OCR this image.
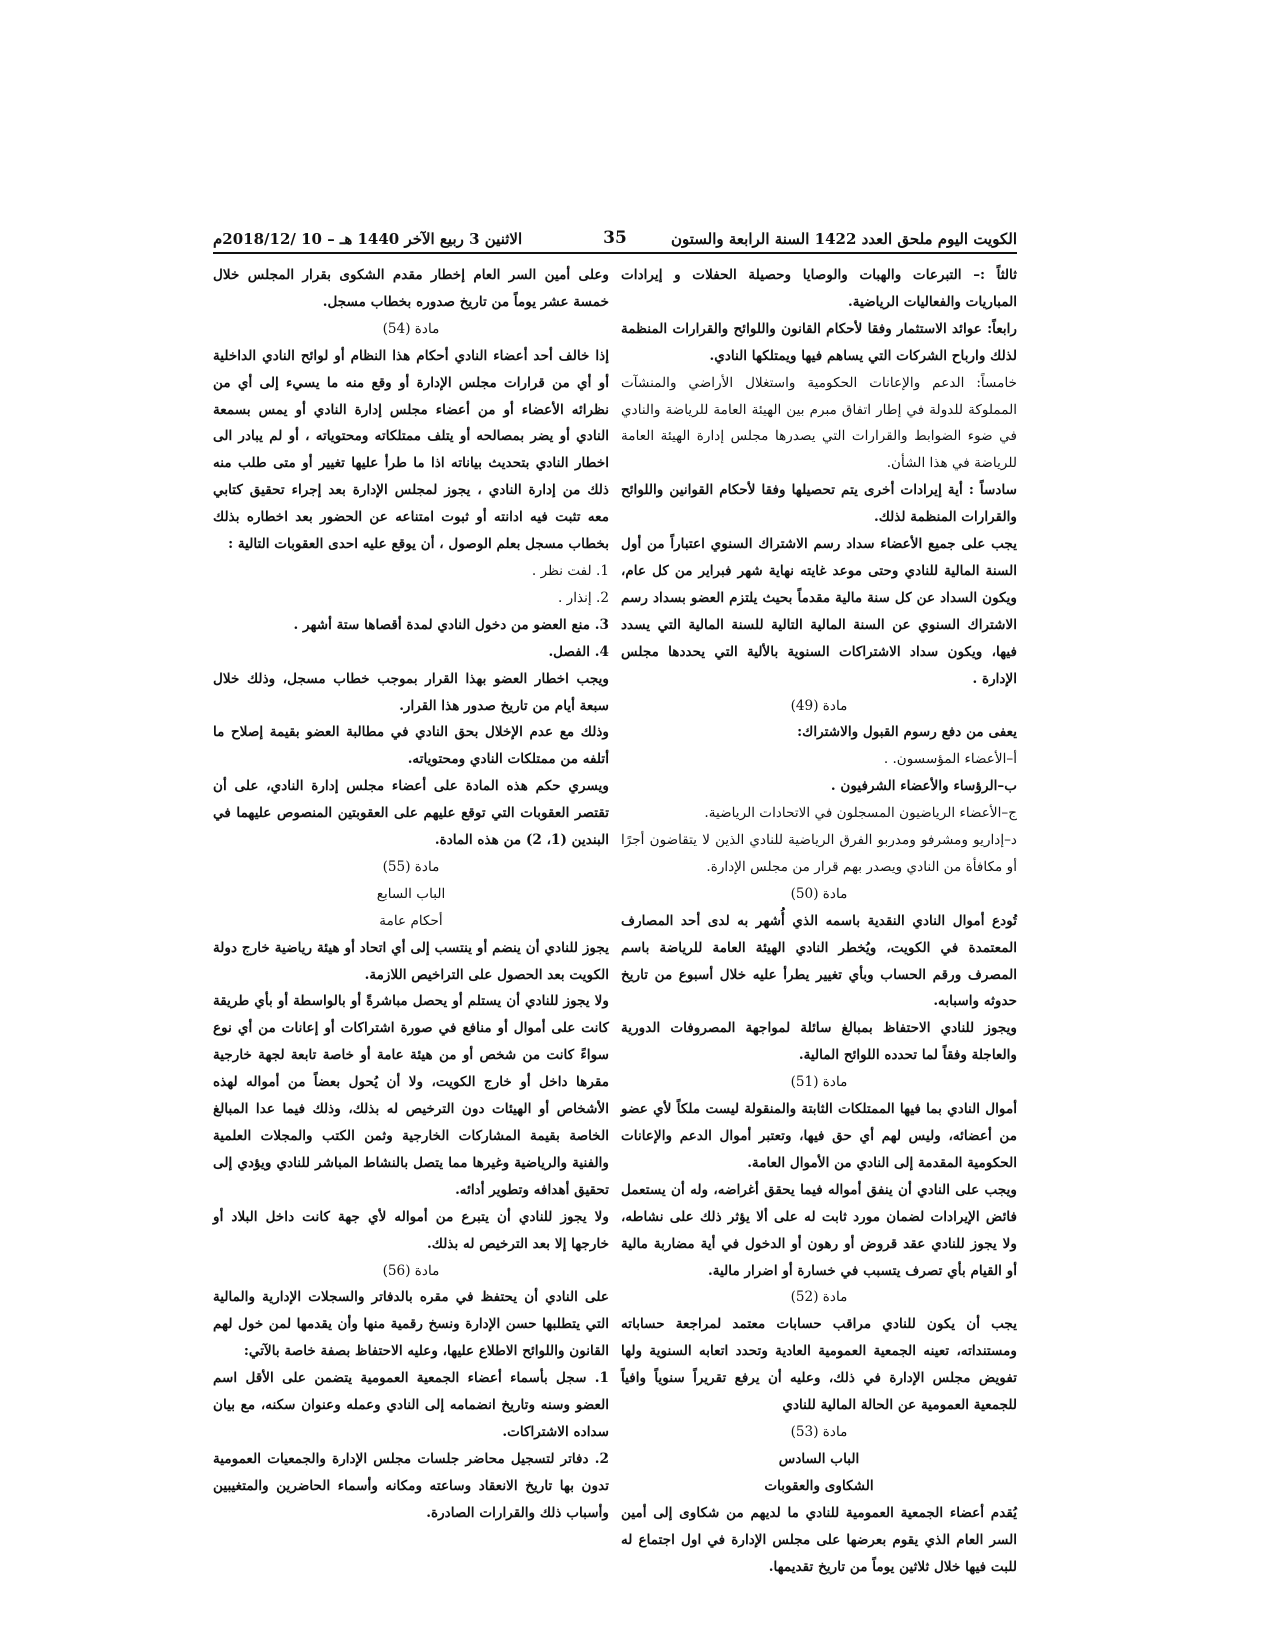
الكويت اليوم ملحق العدد 1422 السنة الرابعة والستون
35
الاثنين 3 ربيع الآخر 1440 هـ – 10 /2018/12م
ثالثاً :– التبرعات والهبات والوصايا وحصيلة الحفلات و إيرادات المباريات والفعاليات الرياضية.
رابعاً: عوائد الاستثمار وفقا لأحكام القانون واللوائح والقرارات المنظمة لذلك وارباح الشركات التي يساهم فيها ويمتلكها النادي.
خامساً: الدعم والإعانات الحكومية واستغلال الأراضي والمنشآت المملوكة للدولة في إطار اتفاق مبرم بين الهيئة العامة للرياضة والنادي في ضوء الضوابط والقرارات التي يصدرها مجلس إدارة الهيئة العامة للرياضة في هذا الشأن.
سادساً : أية إيرادات أخرى يتم تحصيلها وفقا لأحكام القوانين واللوائح والقرارات المنظمة لذلك.
يجب على جميع الأعضاء سداد رسم الاشتراك السنوي اعتباراً من أول السنة المالية للنادي وحتى موعد غايته نهاية شهر فبراير من كل عام، ويكون السداد عن كل سنة مالية مقدماً بحيث يلتزم العضو بسداد رسم الاشتراك السنوي عن السنة المالية التالية للسنة المالية التي يسدد فيها، ويكون سداد الاشتراكات السنوية بالألية التي يحددها مجلس الإدارة .
مادة (49)
يعفى من دفع رسوم القبول والاشتراك:
أ–الأعضاء المؤسسون. .
ب–الرؤساء والأعضاء الشرفيون .
ج–الأعضاء الرياضيون المسجلون في الاتحادات الرياضية.
د–إداريو ومشرفو ومدربو الفرق الرياضية للنادي الذين لا يتقاضون أجرًا أو مكافأة من النادي ويصدر بهم قرار من مجلس الإدارة.
مادة (50)
تُودع أموال النادي النقدية باسمه الذي أُشهر به لدى أحد المصارف المعتمدة في الكويت، ويُخطر النادي الهيئة العامة للرياضة باسم المصرف ورقم الحساب وبأي تغيير يطرأ عليه خلال أسبوع من تاريخ حدوثه واسبابه.
ويجوز للنادي الاحتفاظ بمبالغ سائلة لمواجهة المصروفات الدورية والعاجلة وفقاً لما تحدده اللوائح المالية.
مادة (51)
أموال النادي بما فيها الممتلكات الثابتة والمنقولة ليست ملكاً لأي عضو من أعضائه، وليس لهم أي حق فيها، وتعتبر أموال الدعم والإعانات الحكومية المقدمة إلى النادي من الأموال العامة.
ويجب على النادي أن ينفق أمواله فيما يحقق أغراضه، وله أن يستعمل فائض الإيرادات لضمان مورد ثابت له على ألا يؤثر ذلك على نشاطه، ولا يجوز للنادي عقد قروض أو رهون أو الدخول في أية مضاربة مالية أو القيام بأي تصرف يتسبب في خسارة أو اضرار مالية.
مادة (52)
يجب أن يكون للنادي مراقب حسابات معتمد لمراجعة حساباته ومستنداته، تعينه الجمعية العمومية العادية وتحدد اتعابه السنوية ولها تفويض مجلس الإدارة في ذلك، وعليه أن يرفع تقريراً سنوياً وافياً للجمعية العمومية عن الحالة المالية للنادي
مادة (53)
الباب السادس
الشكاوى والعقوبات
يُقدم أعضاء الجمعية العمومية للنادي ما لديهم من شكاوى إلى أمين السر العام الذي يقوم بعرضها على مجلس الإدارة في اول اجتماع له للبت فيها خلال ثلاثين يوماً من تاريخ تقديمها.
وعلى أمين السر العام إخطار مقدم الشكوى بقرار المجلس خلال خمسة عشر يوماً من تاريخ صدوره بخطاب مسجل.
مادة (54)
إذا خالف أحد أعضاء النادي أحكام هذا النظام أو لوائح النادي الداخلية أو أي من قرارات مجلس الإدارة أو وقع منه ما يسيء إلى أي من نظرائه الأعضاء أو من أعضاء مجلس إدارة النادي أو يمس بسمعة النادي أو يضر بمصالحه أو يتلف ممتلكاته ومحتوياته ، أو لم يبادر الى اخطار النادي بتحديث بياناته اذا ما طرأ عليها تغيير أو متى طلب منه ذلك من إدارة النادي ، يجوز لمجلس الإدارة بعد إجراء تحقيق كتابي معه تثبت فيه ادانته أو ثبوت امتناعه عن الحضور بعد اخطاره بذلك بخطاب مسجل بعلم الوصول ، أن يوقع عليه احدى العقوبات التالية :
1. لفت نظر .
2. إنذار .
3. منع العضو من دخول النادي لمدة أقصاها ستة أشهر .
4. الفصل.
ويجب اخطار العضو بهذا القرار بموجب خطاب مسجل، وذلك خلال سبعة أيام من تاريخ صدور هذا القرار.
وذلك مع عدم الإخلال بحق النادي في مطالبة العضو بقيمة إصلاح ما أتلفه من ممتلكات النادي ومحتوياته.
ويسري حكم هذه المادة على أعضاء مجلس إدارة النادي، على أن تقتصر العقوبات التي توقع عليهم على العقوبتين المنصوص عليهما في البندين (1، 2) من هذه المادة.
مادة (55)
الباب السابع
أحكام عامة
يجوز للنادي أن ينضم أو ينتسب إلى أي اتحاد أو هيئة رياضية خارج دولة الكويت بعد الحصول على التراخيص اللازمة.
ولا يجوز للنادي أن يستلم أو يحصل مباشرةً أو بالواسطة أو بأي طريقة كانت على أموال أو منافع في صورة اشتراكات أو إعانات من أي نوع سواءً كانت من شخص أو من هيئة عامة أو خاصة تابعة لجهة خارجية مقرها داخل أو خارج الكويت، ولا أن يُحول بعضاً من أمواله لهذه الأشخاص أو الهيئات دون الترخيص له بذلك، وذلك فيما عدا المبالغ الخاصة بقيمة المشاركات الخارجية وثمن الكتب والمجلات العلمية والفنية والرياضية وغيرها مما يتصل بالنشاط المباشر للنادي ويؤدي إلى تحقيق أهدافه وتطوير أدائه.
ولا يجوز للنادي أن يتبرع من أمواله لأي جهة كانت داخل البلاد أو خارجها إلا بعد الترخيص له بذلك.
مادة (56)
على النادي أن يحتفظ في مقره بالدفاتر والسجلات الإدارية والمالية التي يتطلبها حسن الإدارة ونسخ رقمية منها وأن يقدمها لمن خول لهم القانون واللوائح الاطلاع عليها، وعليه الاحتفاظ بصفة خاصة بالآتي:
1. سجل بأسماء أعضاء الجمعية العمومية يتضمن على الأقل اسم العضو وسنه وتاريخ انضمامه إلى النادي وعمله وعنوان سكنه، مع بيان سداده الاشتراكات.
2. دفاتر لتسجيل محاضر جلسات مجلس الإدارة والجمعيات العمومية تدون بها تاريخ الانعقاد وساعته ومكانه وأسماء الحاضرين والمتغيبين وأسباب ذلك والقرارات الصادرة.
